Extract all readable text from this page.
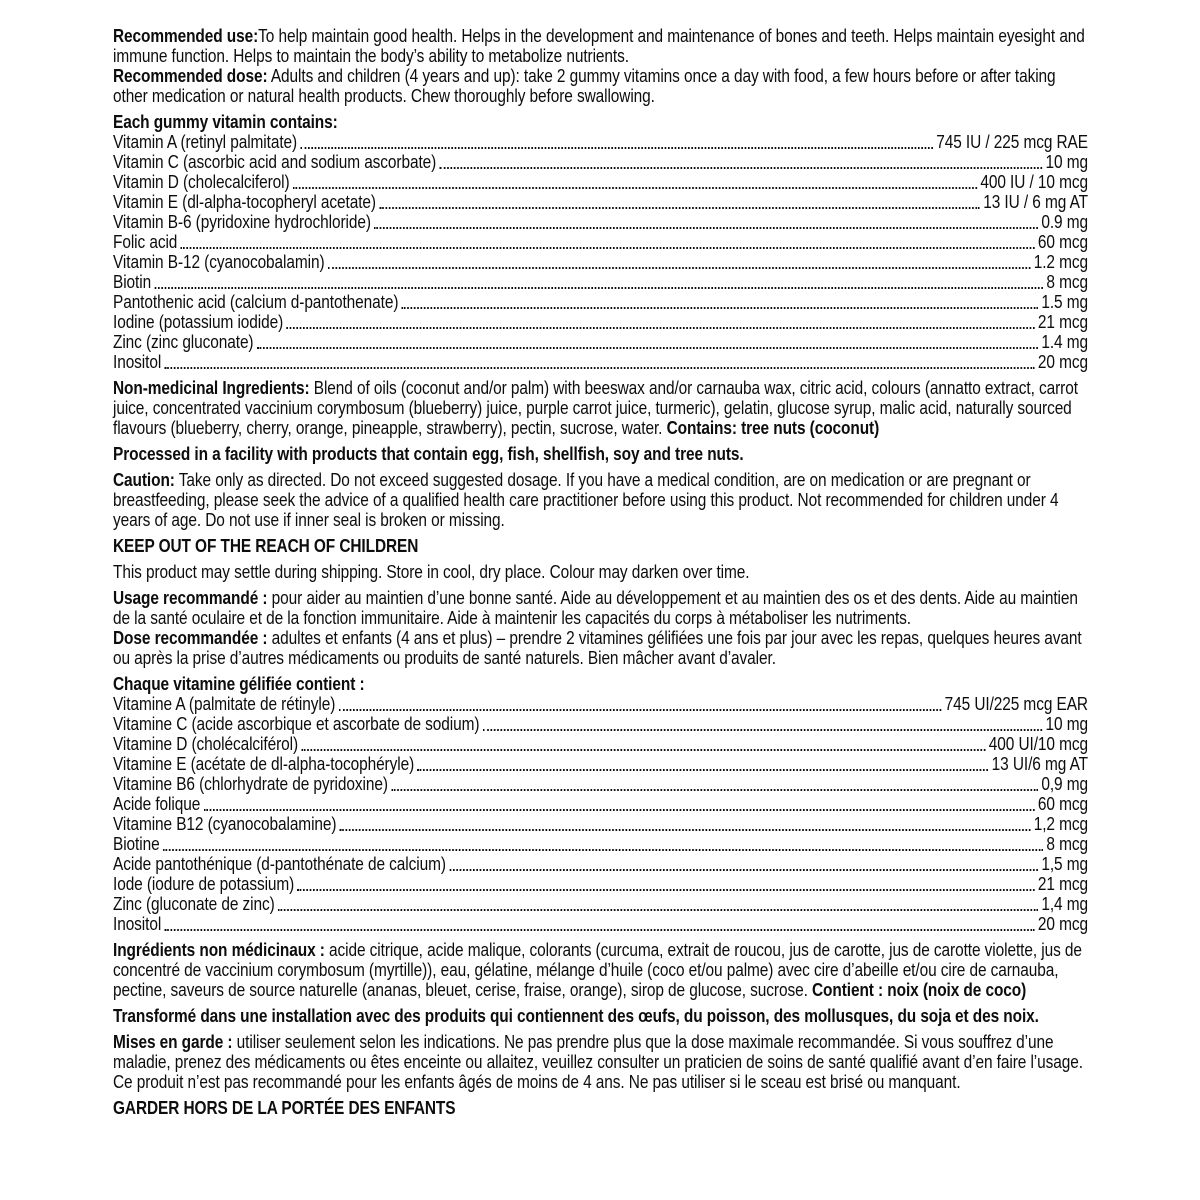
Recommended use:To help maintain good health. Helps in the development and maintenance of bones and teeth. Helps maintain eyesight and immune function. Helps to maintain the body’s ability to metabolize nutrients.

Recommended dose: Adults and children (4 years and up): take 2 gummy vitamins once a day with food, a few hours before or after taking other medication or natural health products. Chew thoroughly before swallowing.

Each gummy vitamin contains:

Vitamin A (retinyl palmitate)	745 IU / 225 mcg RAE
Vitamin C (ascorbic acid and sodium ascorbate)	10 mg
Vitamin D (cholecalciferol)	400 IU / 10 mcg
Vitamin E (dl-alpha-tocopheryl acetate)	13 IU / 6 mg AT
Vitamin B-6 (pyridoxine hydrochloride)	0.9 mg
Folic acid	60 mcg
Vitamin B-12 (cyanocobalamin)	1.2 mcg
Biotin	8 mcg
Pantothenic acid (calcium d-pantothenate)	1.5 mg
Iodine (potassium iodide)	21 mcg
Zinc (zinc gluconate)	1.4 mg
Inositol	20 mcg

Non-medicinal Ingredients: Blend of oils (coconut and/or palm) with beeswax and/or carnauba wax, citric acid, colours (annatto extract, carrot juice, concentrated vaccinium corymbosum (blueberry) juice, purple carrot juice, turmeric), gelatin, glucose syrup, malic acid, naturally sourced flavours (blueberry, cherry, orange, pineapple, strawberry), pectin, sucrose, water. Contains: tree nuts (coconut)

Processed in a facility with products that contain egg, fish, shellfish, soy and tree nuts.

Caution: Take only as directed. Do not exceed suggested dosage. If you have a medical condition, are on medication or are pregnant or breastfeeding, please seek the advice of a qualified health care practitioner before using this product. Not recommended for children under 4 years of age. Do not use if inner seal is broken or missing.

KEEP OUT OF THE REACH OF CHILDREN

This product may settle during shipping. Store in cool, dry place. Colour may darken over time.

Usage recommandé : pour aider au maintien d’une bonne santé. Aide au développement et au maintien des os et des dents. Aide au maintien de la santé oculaire et de la fonction immunitaire. Aide à maintenir les capacités du corps à métaboliser les nutriments.

Dose recommandée : adultes et enfants (4 ans et plus) – prendre 2 vitamines gélifiées une fois par jour avec les repas, quelques heures avant ou après la prise d’autres médicaments ou produits de santé naturels. Bien mâcher avant d’avaler.

Chaque vitamine gélifiée contient :

Vitamine A (palmitate de rétinyle)	745 UI/225 mcg EAR
Vitamine C (acide ascorbique et ascorbate de sodium)	10 mg
Vitamine D (cholécalciférol)	400 UI/10 mcg
Vitamine E (acétate de dl-alpha-tocophéryle)	13 UI/6 mg AT
Vitamine B6 (chlorhydrate de pyridoxine)	0,9 mg
Acide folique	60 mcg
Vitamine B12 (cyanocobalamine)	1,2 mcg
Biotine	8 mcg
Acide pantothénique (d-pantothénate de calcium)	1,5 mg
Iode (iodure de potassium)	21 mcg
Zinc (gluconate de zinc)	1,4 mg
Inositol	20 mcg

Ingrédients non médicinaux : acide citrique, acide malique, colorants (curcuma, extrait de roucou, jus de carotte, jus de carotte violette, jus de concentré de vaccinium corymbosum (myrtille)), eau, gélatine, mélange d’huile (coco et/ou palme) avec cire d’abeille et/ou cire de carnauba, pectine, saveurs de source naturelle (ananas, bleuet, cerise, fraise, orange), sirop de glucose, sucrose. Contient : noix (noix de coco)

Transformé dans une installation avec des produits qui contiennent des œufs, du poisson, des mollusques, du soja et des noix.

Mises en garde : utiliser seulement selon les indications. Ne pas prendre plus que la dose maximale recommandée. Si vous souffrez d’une maladie, prenez des médicaments ou êtes enceinte ou allaitez, veuillez consulter un praticien de soins de santé qualifié avant d’en faire l’usage. Ce produit n’est pas recommandé pour les enfants âgés de moins de 4 ans. Ne pas utiliser si le sceau est brisé ou manquant.

GARDER HORS DE LA PORTÉE DES ENFANTS
